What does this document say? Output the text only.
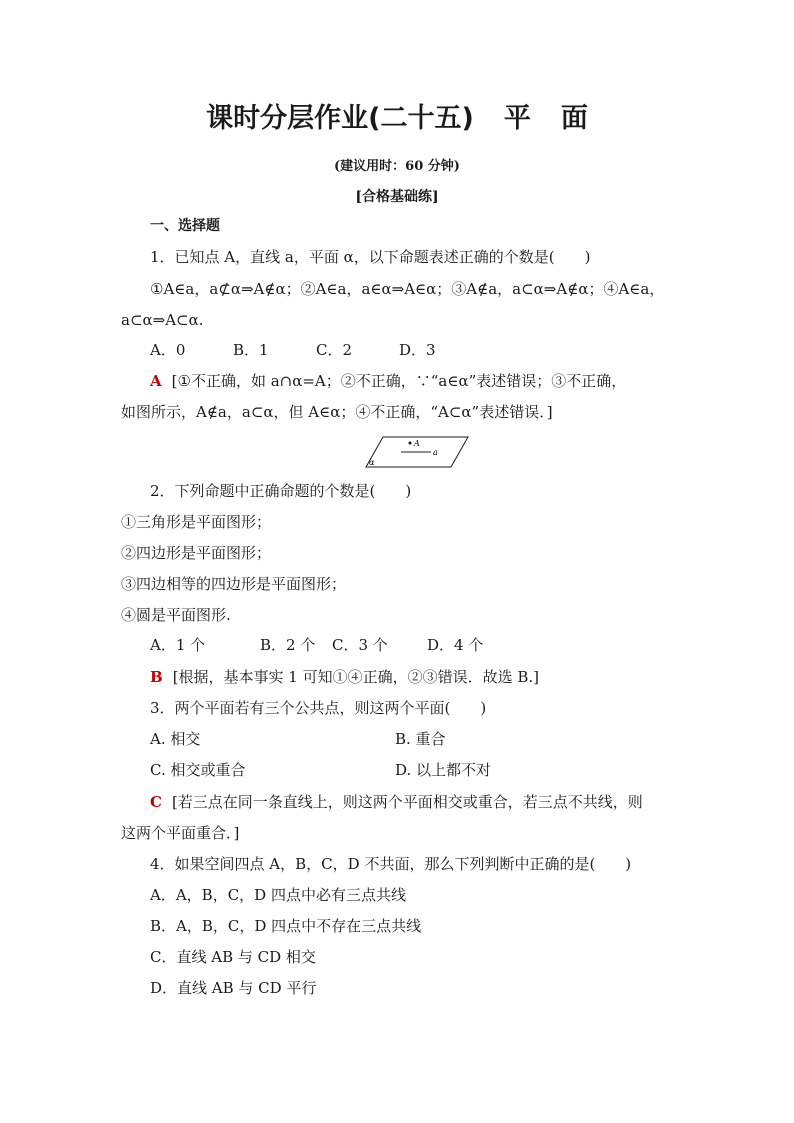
课时分层作业(二十五) 平 面
(建议用时：60 分钟)
[合格基础练]
一、选择题
1．已知点 A，直线 a，平面 α，以下命题表述正确的个数是(　　)
①A∈a，a⊄α⇒A∉α；②A∈a，a∈α⇒A∈α；③A∉a，a⊂α⇒A∉α；④A∈a，
a⊂α⇒A⊂α.
A．0	B．1	C．2	D．3
A [①不正确，如 a∩α=A；②不正确，∵“a∈α”表述错误；③不正确，
如图所示，A∉a，a⊂α，但 A∈α；④不正确，“A⊂α”表述错误．]
A
a
α
2．下列命题中正确命题的个数是(　　)
①三角形是平面图形；
②四边形是平面图形；
③四边相等的四边形是平面图形；
④圆是平面图形.
A．1 个	B．2 个 C．3 个	D．4 个
B [根据，基本事实 1 可知①④正确，②③错误．故选 B.]
3．两个平面若有三个公共点，则这两个平面(　　)
A. 相交	B. 重合
C. 相交或重合	D. 以上都不对
C [若三点在同一条直线上，则这两个平面相交或重合，若三点不共线，则
这两个平面重合．]
4．如果空间四点 A，B，C，D 不共面，那么下列判断中正确的是(　　)
A．A，B，C，D 四点中必有三点共线
B．A，B，C，D 四点中不存在三点共线
C．直线 AB 与 CD 相交
D．直线 AB 与 CD 平行
